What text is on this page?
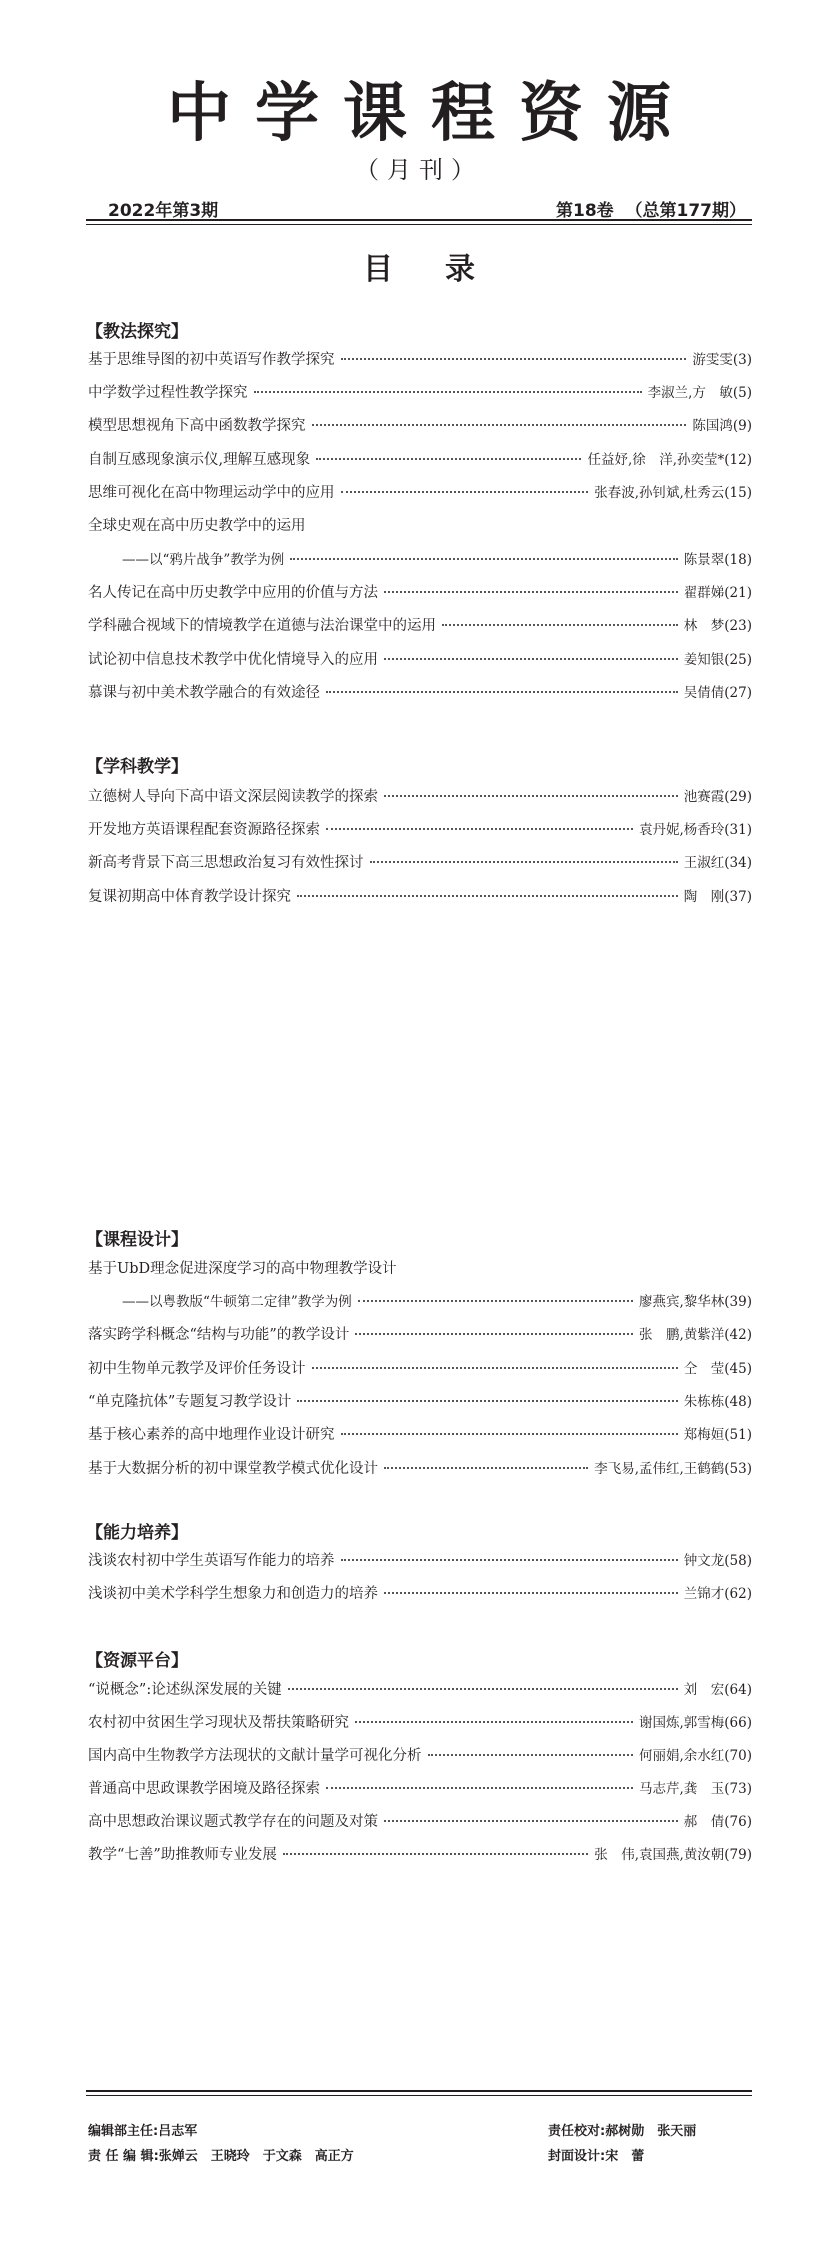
中学课程资源
（月刊）
2022年第3期	第18卷  （总第177期）
目录
【教法探究】
基于思维导图的初中英语写作教学探究	游雯雯(3)
中学数学过程性教学探究	李淑兰,方　敏(5)
模型思想视角下高中函数教学探究	陈国鸿(9)
自制互感现象演示仪,理解互感现象	任益妤,徐　洋,孙奕莹*(12)
思维可视化在高中物理运动学中的应用	张春波,孙钊斌,杜秀云(15)
全球史观在高中历史教学中的运用
——以“鸦片战争”教学为例	陈景翠(18)
名人传记在高中历史教学中应用的价值与方法	翟群娣(21)
学科融合视域下的情境教学在道德与法治课堂中的运用	林　梦(23)
试论初中信息技术教学中优化情境导入的应用	姜知银(25)
慕课与初中美术教学融合的有效途径	吴倩倩(27)
【学科教学】
立德树人导向下高中语文深层阅读教学的探索	池赛霞(29)
开发地方英语课程配套资源路径探索	袁丹妮,杨香玲(31)
新高考背景下高三思想政治复习有效性探讨	王淑红(34)
复课初期高中体育教学设计探究	陶　刚(37)
【课程设计】
基于UbD理念促进深度学习的高中物理教学设计
——以粤教版“牛顿第二定律”教学为例	廖燕宾,黎华林(39)
落实跨学科概念“结构与功能”的教学设计	张　鹏,黄紫洋(42)
初中生物单元教学及评价任务设计	仝　莹(45)
“单克隆抗体”专题复习教学设计	朱栋栋(48)
基于核心素养的高中地理作业设计研究	郑梅姮(51)
基于大数据分析的初中课堂教学模式优化设计	李飞易,孟伟红,王鹤鹤(53)
【能力培养】
浅谈农村初中学生英语写作能力的培养	钟文龙(58)
浅谈初中美术学科学生想象力和创造力的培养	兰锦才(62)
【资源平台】
“说概念”:论述纵深发展的关键	刘　宏(64)
农村初中贫困生学习现状及帮扶策略研究	谢国炼,郭雪梅(66)
国内高中生物教学方法现状的文献计量学可视化分析	何丽娟,余水红(70)
普通高中思政课教学困境及路径探索	马志芹,龚　玉(73)
高中思想政治课议题式教学存在的问题及对策	郝　倩(76)
教学“七善”助推教师专业发展	张　伟,袁国燕,黄汝朝(79)
编辑部主任:吕志军
责 任 编 辑:张婵云　王晓玲　于文森　高正方
责任校对:郝树勋　张天丽
封面设计:宋　蕾
